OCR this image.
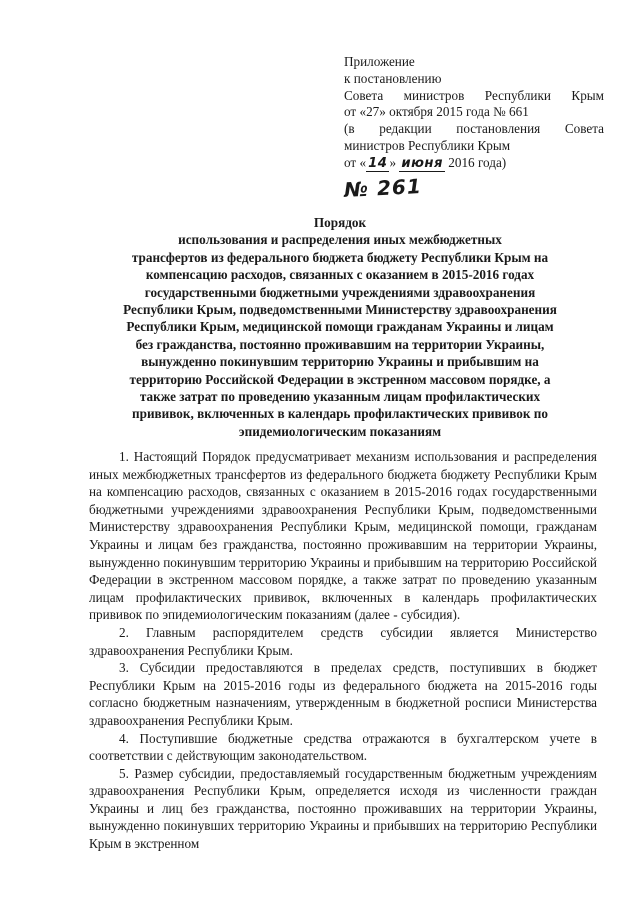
Приложение
к постановлению
Совета министров Республики Крым
от «27» октября 2015 года № 661
(в редакции постановления Совета
министров Республики Крым
от « 14 » июня 2016 года)
№ 261
Порядок
использования и распределения иных межбюджетных
трансфертов из федерального бюджета бюджету Республики Крым на
компенсацию расходов, связанных с оказанием в 2015-2016 годах
государственными бюджетными учреждениями здравоохранения
Республики Крым, подведомственными Министерству здравоохранения
Республики Крым, медицинской помощи гражданам Украины и лицам
без гражданства, постоянно проживавшим на территории Украины,
вынужденно покинувшим территорию Украины и прибывшим на
территорию Российской Федерации в экстренном массовом порядке, а
также затрат по проведению указанным лицам профилактических
прививок, включенных в календарь профилактических прививок по
эпидемиологическим показаниям

1. Настоящий Порядок предусматривает механизм использования и распределения иных межбюджетных трансфертов из федерального бюджета бюджету Республики Крым на компенсацию расходов, связанных с оказанием в 2015-2016 годах государственными бюджетными учреждениями здравоохранения Республики Крым, подведомственными Министерству здравоохранения Республики Крым, медицинской помощи, гражданам Украины и лицам без гражданства, постоянно проживавшим на территории Украины, вынужденно покинувшим территорию Украины и прибывшим на территорию Российской Федерации в экстренном массовом порядке, а также затрат по проведению указанным лицам профилактических прививок, включенных в календарь профилактических прививок по эпидемиологическим показаниям (далее - субсидия).

2. Главным распорядителем средств субсидии является Министерство здравоохранения Республики Крым.

3. Субсидии предоставляются в пределах средств, поступивших в бюджет Республики Крым на 2015-2016 годы из федерального бюджета на 2015-2016 годы согласно бюджетным назначениям, утвержденным в бюджетной росписи Министерства здравоохранения Республики Крым.

4. Поступившие бюджетные средства отражаются в бухгалтерском учете в соответствии с действующим законодательством.

5. Размер субсидии, предоставляемый государственным бюджетным учреждениям здравоохранения Республики Крым, определяется исходя из численности граждан Украины и лиц без гражданства, постоянно проживавших на территории Украины, вынужденно покинувших территорию Украины и прибывших на территорию Республики Крым в экстренном
